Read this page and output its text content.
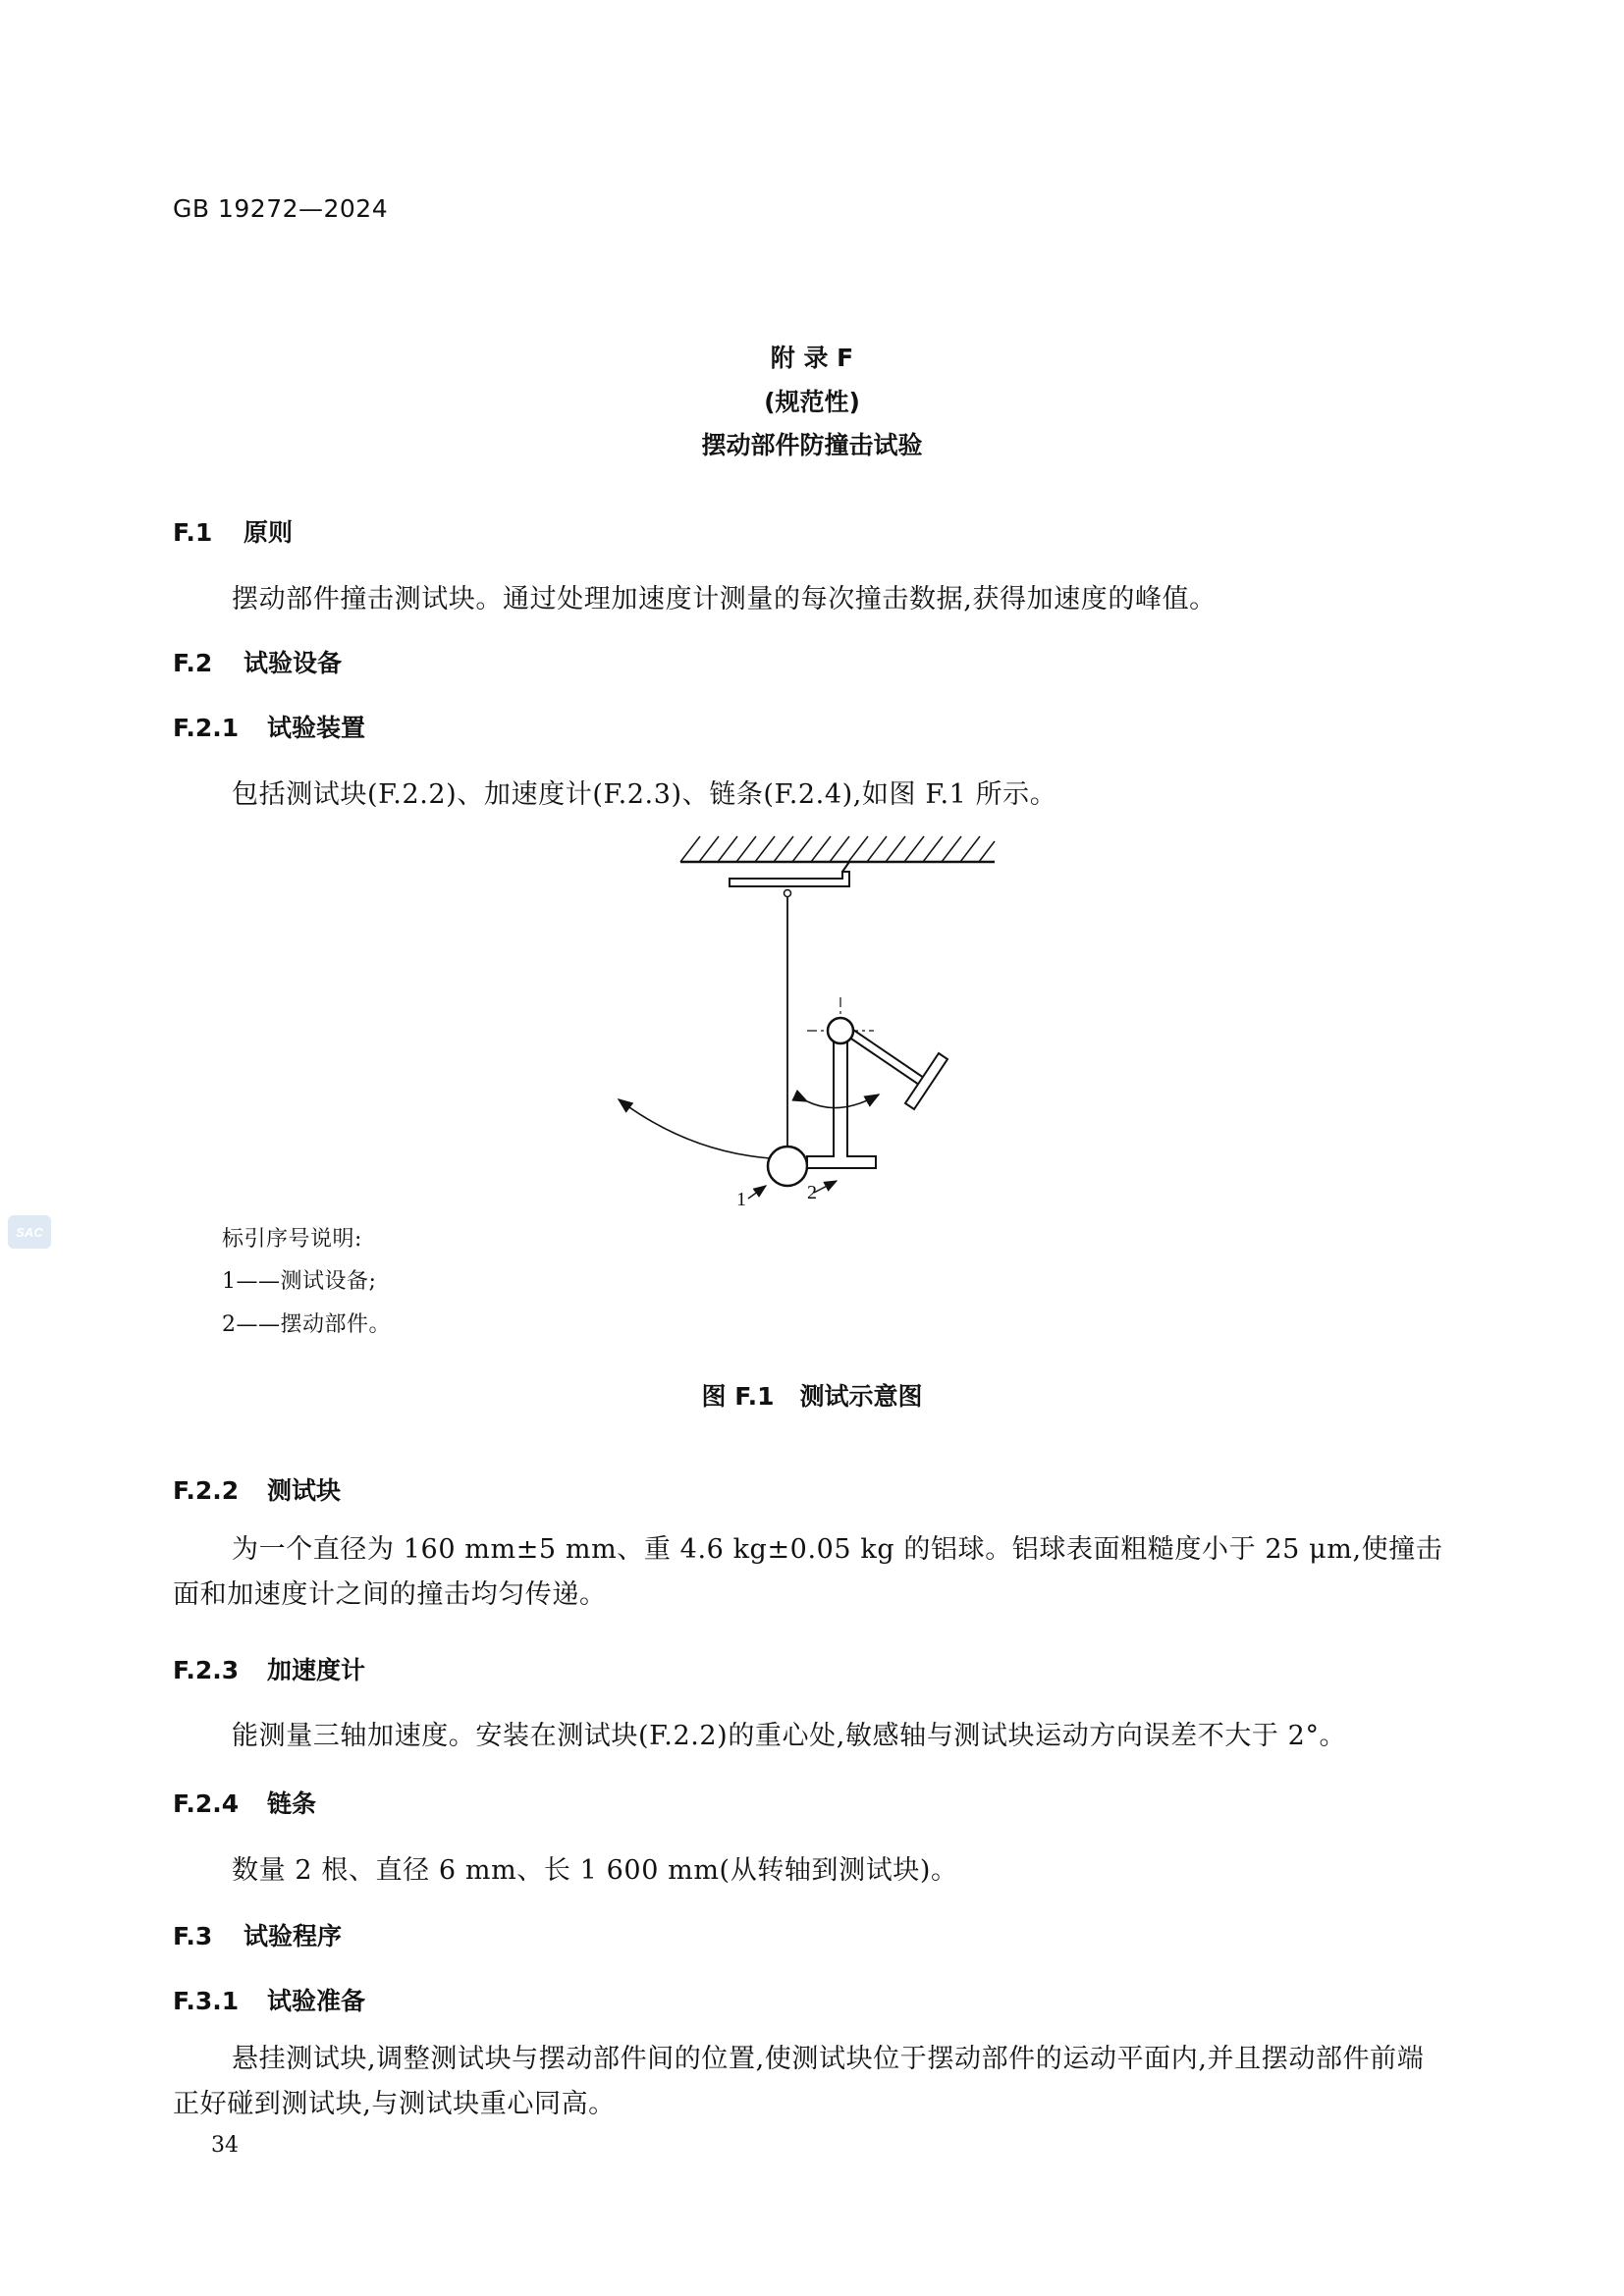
GB 19272—2024
附 录 F
(规范性)
摆动部件防撞击试验
F.1 原则
摆动部件撞击测试块。通过处理加速度计测量的每次撞击数据,获得加速度的峰值。
F.2 试验设备
F.2.1 试验装置
包括测试块(F.2.2)、加速度计(F.2.3)、链条(F.2.4),如图 F.1 所示。
1	2
标引序号说明:
1——测试设备;
2——摆动部件。
图 F.1 测试示意图
F.2.2 测试块
为一个直径为 160 mm±5 mm、重 4.6 kg±0.05 kg 的铝球。铝球表面粗糙度小于 25 μm,使撞击面和加速度计之间的撞击均匀传递。
F.2.3 加速度计
能测量三轴加速度。安装在测试块(F.2.2)的重心处,敏感轴与测试块运动方向误差不大于 2°。
F.2.4 链条
数量 2 根、直径 6 mm、长 1 600 mm(从转轴到测试块)。
F.3 试验程序
F.3.1 试验准备
悬挂测试块,调整测试块与摆动部件间的位置,使测试块位于摆动部件的运动平面内,并且摆动部件前端正好碰到测试块,与测试块重心同高。
34
SAC
